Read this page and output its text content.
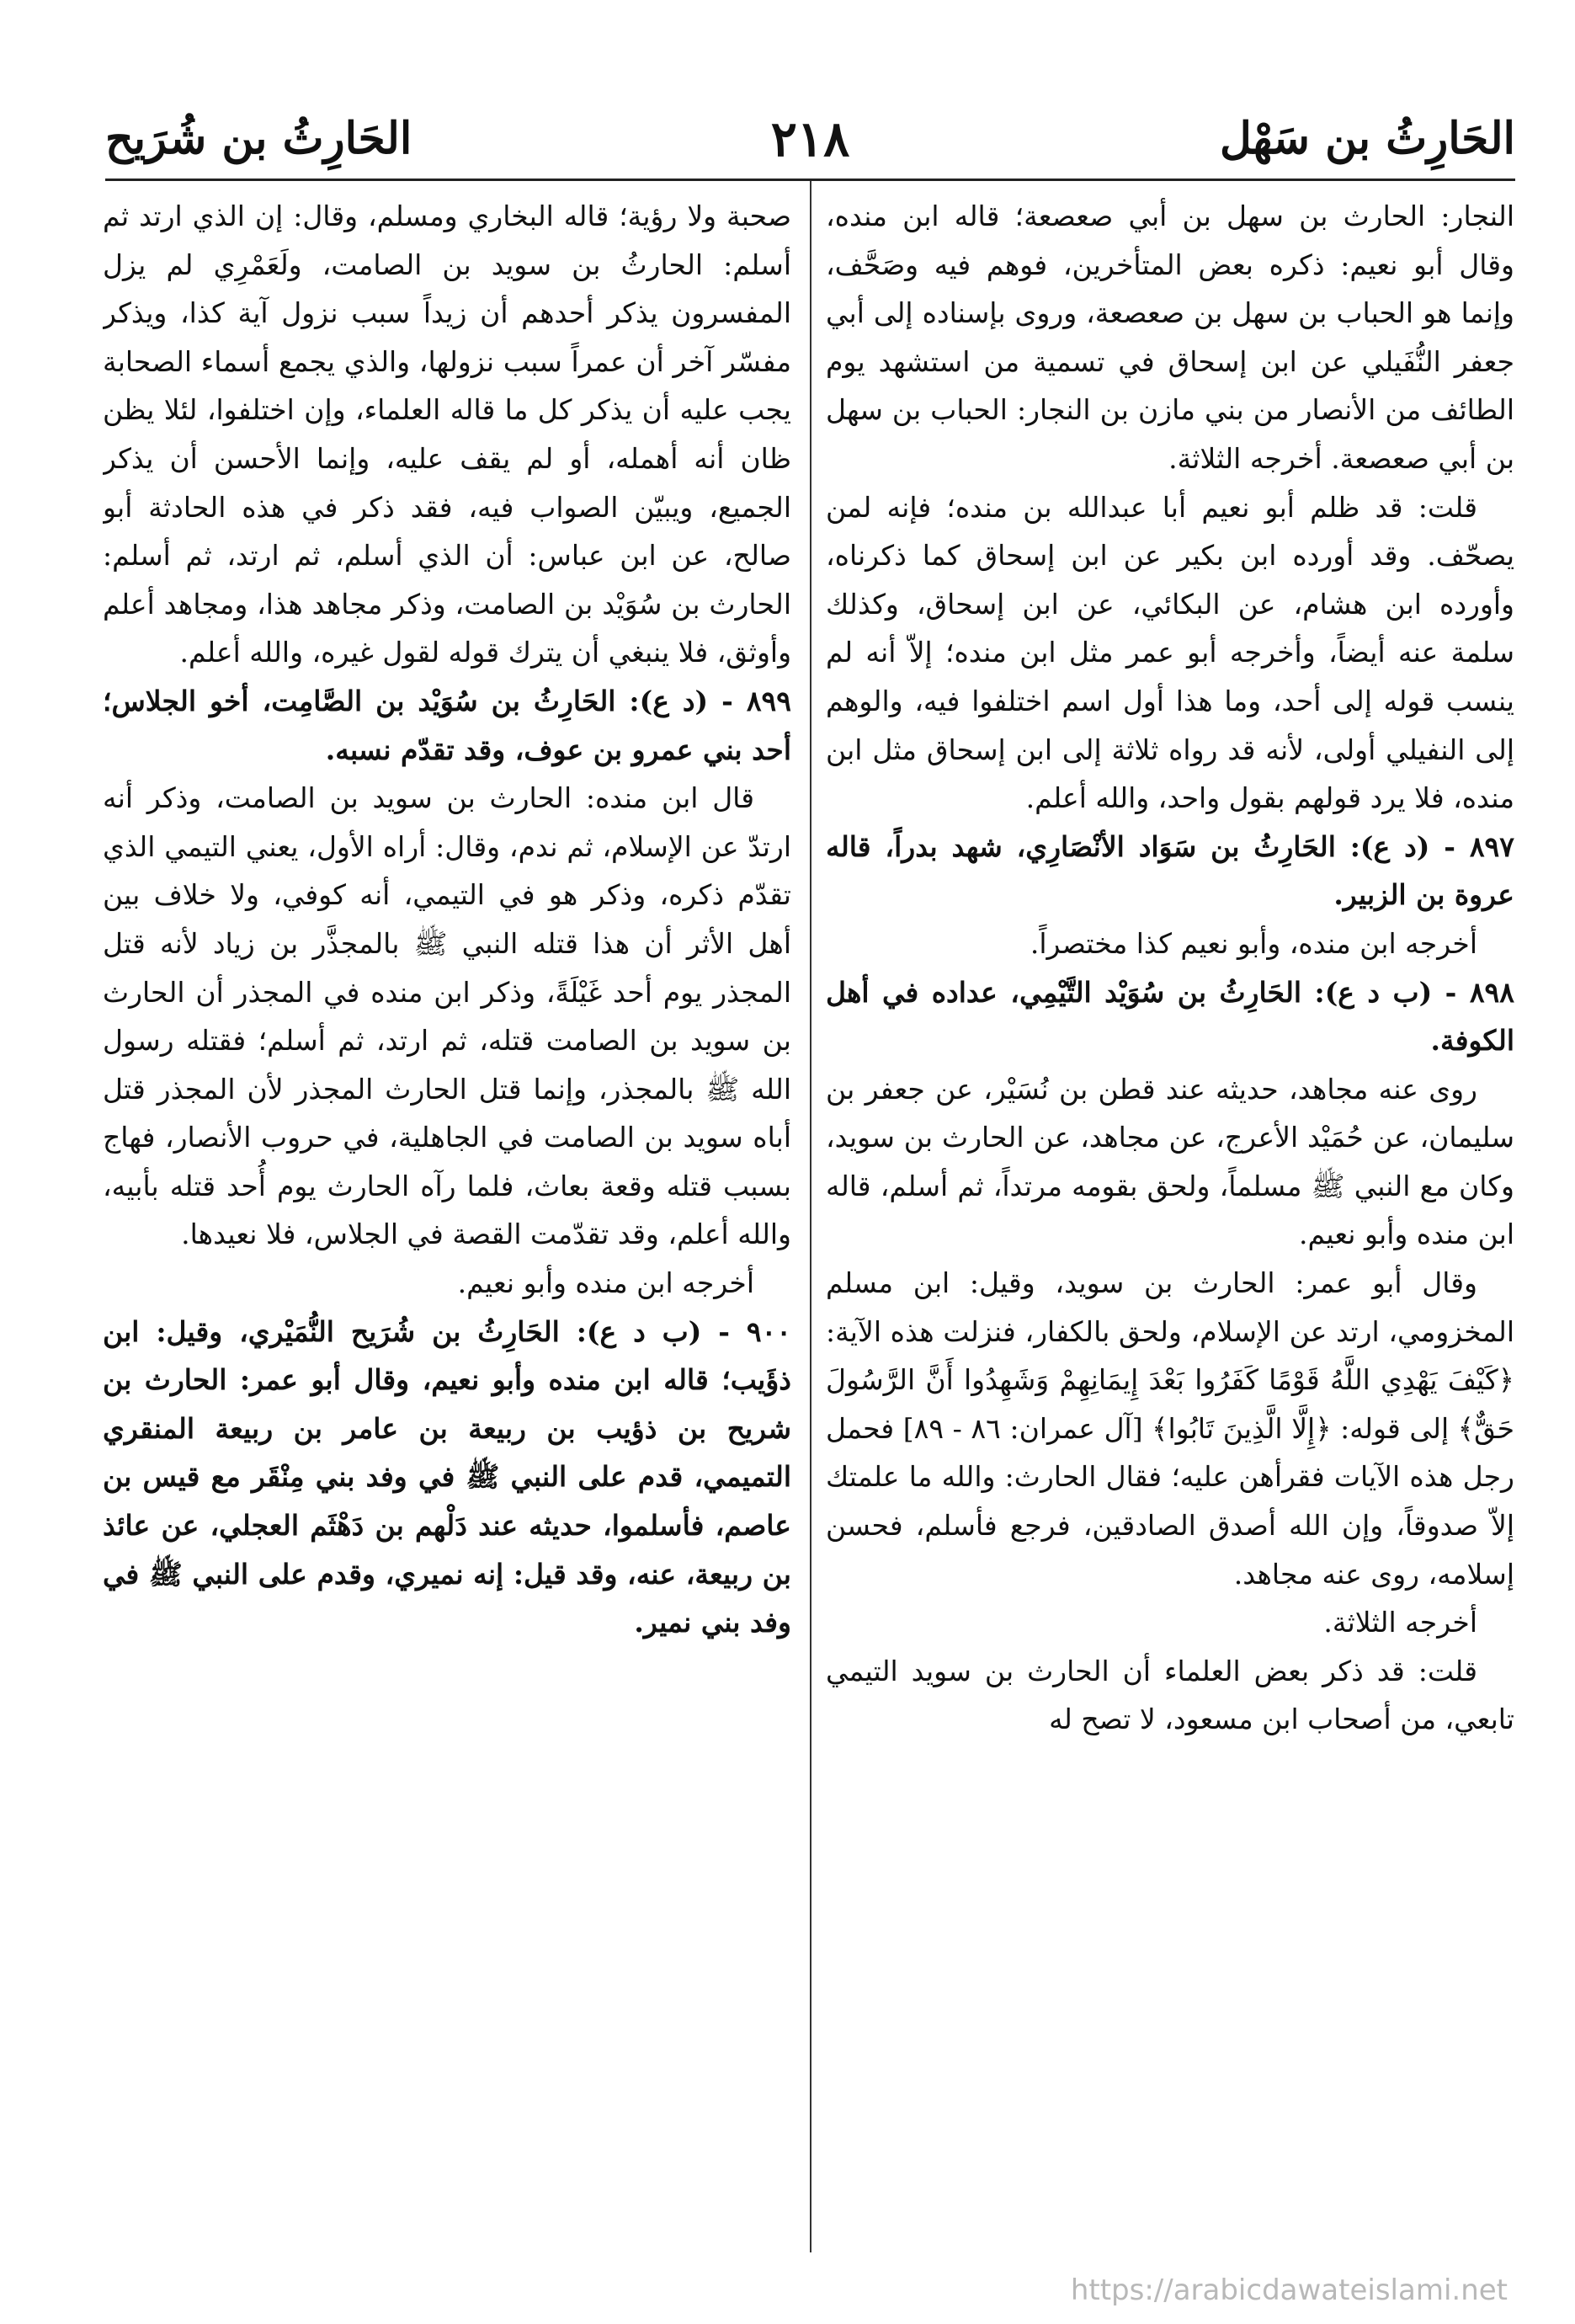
الحَارِثُ بن سَهْل
٢١٨
الحَارِثُ بن شُرَيح

النجار: الحارث بن سهل بن أبي صعصعة؛ قاله ابن منده، وقال أبو نعيم: ذكره بعض المتأخرين، فوهم فيه وصَحَّف، وإنما هو الحباب بن سهل بن صعصعة، وروى بإسناده إلى أبي جعفر النُّفَيلي عن ابن إسحاق في تسمية من استشهد يوم الطائف من الأنصار من بني مازن بن النجار: الحباب بن سهل بن أبي صعصعة. أخرجه الثلاثة.

قلت: قد ظلم أبو نعيم أبا عبدالله بن منده؛ فإنه لمن يصحّف. وقد أورده ابن بكير عن ابن إسحاق كما ذكرناه، وأورده ابن هشام، عن البكائي، عن ابن إسحاق، وكذلك سلمة عنه أيضاً، وأخرجه أبو عمر مثل ابن منده؛ إلاّ أنه لم ينسب قوله إلى أحد، وما هذا أول اسم اختلفوا فيه، والوهم إلى النفيلي أولى، لأنه قد رواه ثلاثة إلى ابن إسحاق مثل ابن منده، فلا يرد قولهم بقول واحد، والله أعلم.

٨٩٧ - (د ع): الحَارِثُ بن سَوَاد الأنْصَارِي، شهد بدراً، قاله عروة بن الزبير.

أخرجه ابن منده، وأبو نعيم كذا مختصراً.

٨٩٨ - (ب د ع): الحَارِثُ بن سُوَيْد التَّيْمِي، عداده في أهل الكوفة.

روى عنه مجاهد، حديثه عند قطن بن نُسَيْر، عن جعفر بن سليمان، عن حُمَيْد الأعرج، عن مجاهد، عن الحارث بن سويد، وكان مع النبي ﷺ مسلماً، ولحق بقومه مرتداً، ثم أسلم، قاله ابن منده وأبو نعيم.

وقال أبو عمر: الحارث بن سويد، وقيل: ابن مسلم المخزومي، ارتد عن الإسلام، ولحق بالكفار، فنزلت هذه الآية: ﴿كَيْفَ يَهْدِي اللَّهُ قَوْمًا كَفَرُوا بَعْدَ إِيمَانِهِمْ وَشَهِدُوا أَنَّ الرَّسُولَ حَقٌّ﴾ إلى قوله: ﴿إِلَّا الَّذِينَ تَابُوا﴾ [آل عمران: ٨٦ - ٨٩] فحمل رجل هذه الآيات فقرأهن عليه؛ فقال الحارث: والله ما علمتك إلاّ صدوقاً، وإن الله أصدق الصادقين، فرجع فأسلم، فحسن إسلامه، روى عنه مجاهد.

أخرجه الثلاثة.

قلت: قد ذكر بعض العلماء أن الحارث بن سويد التيمي تابعي، من أصحاب ابن مسعود، لا تصح له

صحبة ولا رؤية؛ قاله البخاري ومسلم، وقال: إن الذي ارتد ثم أسلم: الحارثُ بن سويد بن الصامت، ولَعَمْرِي لم يزل المفسرون يذكر أحدهم أن زيداً سبب نزول آية كذا، ويذكر مفسّر آخر أن عمراً سبب نزولها، والذي يجمع أسماء الصحابة يجب عليه أن يذكر كل ما قاله العلماء، وإن اختلفوا، لئلا يظن ظان أنه أهمله، أو لم يقف عليه، وإنما الأحسن أن يذكر الجميع، ويبيّن الصواب فيه، فقد ذكر في هذه الحادثة أبو صالح، عن ابن عباس: أن الذي أسلم، ثم ارتد، ثم أسلم: الحارث بن سُوَيْد بن الصامت، وذكر مجاهد هذا، ومجاهد أعلم وأوثق، فلا ينبغي أن يترك قوله لقول غيره، والله أعلم.

٨٩٩ - (د ع): الحَارِثُ بن سُوَيْد بن الصَّامِت، أخو الجلاس؛ أحد بني عمرو بن عوف، وقد تقدّم نسبه.

قال ابن منده: الحارث بن سويد بن الصامت، وذكر أنه ارتدّ عن الإسلام، ثم ندم، وقال: أراه الأول، يعني التيمي الذي تقدّم ذكره، وذكر هو في التيمي، أنه كوفي، ولا خلاف بين أهل الأثر أن هذا قتله النبي ﷺ بالمجذَّر بن زياد لأنه قتل المجذر يوم أحد غَيْلَةً، وذكر ابن منده في المجذر أن الحارث بن سويد بن الصامت قتله، ثم ارتد، ثم أسلم؛ فقتله رسول الله ﷺ بالمجذر، وإنما قتل الحارث المجذر لأن المجذر قتل أباه سويد بن الصامت في الجاهلية، في حروب الأنصار، فهاج بسبب قتله وقعة بعاث، فلما رآه الحارث يوم أُحد قتله بأبيه، والله أعلم، وقد تقدّمت القصة في الجلاس، فلا نعيدها.

أخرجه ابن منده وأبو نعيم.

٩٠٠ - (ب د ع): الحَارِثُ بن شُرَيح النُّمَيْري، وقيل: ابن ذؤَيب؛ قاله ابن منده وأبو نعيم، وقال أبو عمر: الحارث بن شريح بن ذؤيب بن ربيعة بن عامر بن ربيعة المنقري التميمي، قدم على النبي ﷺ في وفد بني مِنْقَر مع قيس بن عاصم، فأسلموا، حديثه عند دَلْهم بن دَهْثَم العجلي، عن عائذ بن ربيعة، عنه، وقد قيل: إنه نميري، وقدم على النبي ﷺ في وفد بني نمير.

https://arabicdawateislami.net
